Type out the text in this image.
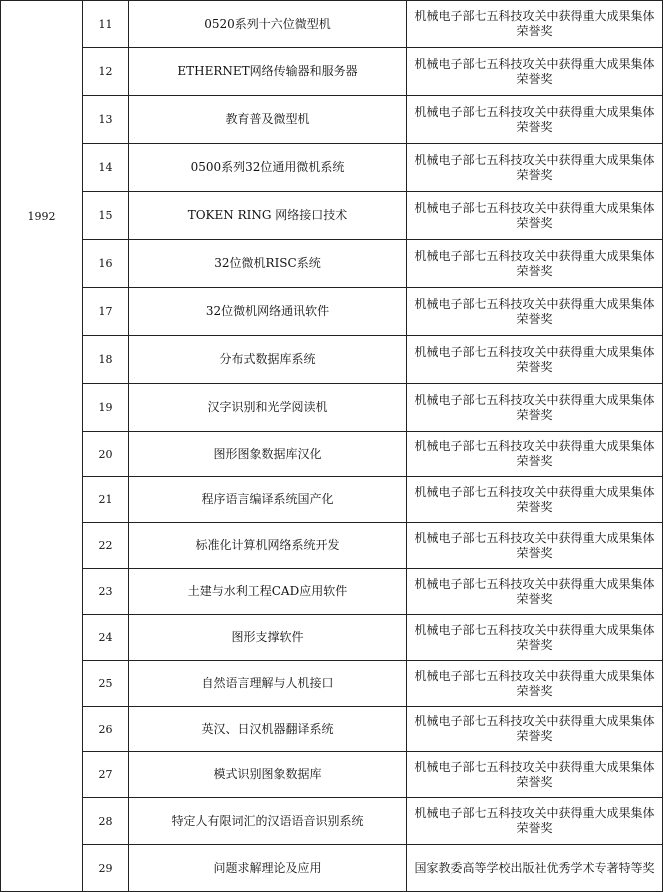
1992	11	0520系列十六位微型机	机械电子部七五科技攻关中获得重大成果集体荣誉奖
	12	ETHERNET网络传输器和服务器	机械电子部七五科技攻关中获得重大成果集体荣誉奖
	13	教育普及微型机	机械电子部七五科技攻关中获得重大成果集体荣誉奖
	14	0500系列32位通用微机系统	机械电子部七五科技攻关中获得重大成果集体荣誉奖
	15	TOKEN RING 网络接口技术	机械电子部七五科技攻关中获得重大成果集体荣誉奖
	16	32位微机RISC系统	机械电子部七五科技攻关中获得重大成果集体荣誉奖
	17	32位微机网络通讯软件	机械电子部七五科技攻关中获得重大成果集体荣誉奖
	18	分布式数据库系统	机械电子部七五科技攻关中获得重大成果集体荣誉奖
	19	汉字识别和光学阅读机	机械电子部七五科技攻关中获得重大成果集体荣誉奖
	20	图形图象数据库汉化	机械电子部七五科技攻关中获得重大成果集体荣誉奖
	21	程序语言编译系统国产化	机械电子部七五科技攻关中获得重大成果集体荣誉奖
	22	标准化计算机网络系统开发	机械电子部七五科技攻关中获得重大成果集体荣誉奖
	23	土建与水利工程CAD应用软件	机械电子部七五科技攻关中获得重大成果集体荣誉奖
	24	图形支撑软件	机械电子部七五科技攻关中获得重大成果集体荣誉奖
	25	自然语言理解与人机接口	机械电子部七五科技攻关中获得重大成果集体荣誉奖
	26	英汉、日汉机器翻译系统	机械电子部七五科技攻关中获得重大成果集体荣誉奖
	27	模式识别图象数据库	机械电子部七五科技攻关中获得重大成果集体荣誉奖
	28	特定人有限词汇的汉语语音识别系统	机械电子部七五科技攻关中获得重大成果集体荣誉奖
	29	问题求解理论及应用	国家教委高等学校出版社优秀学术专著特等奖
